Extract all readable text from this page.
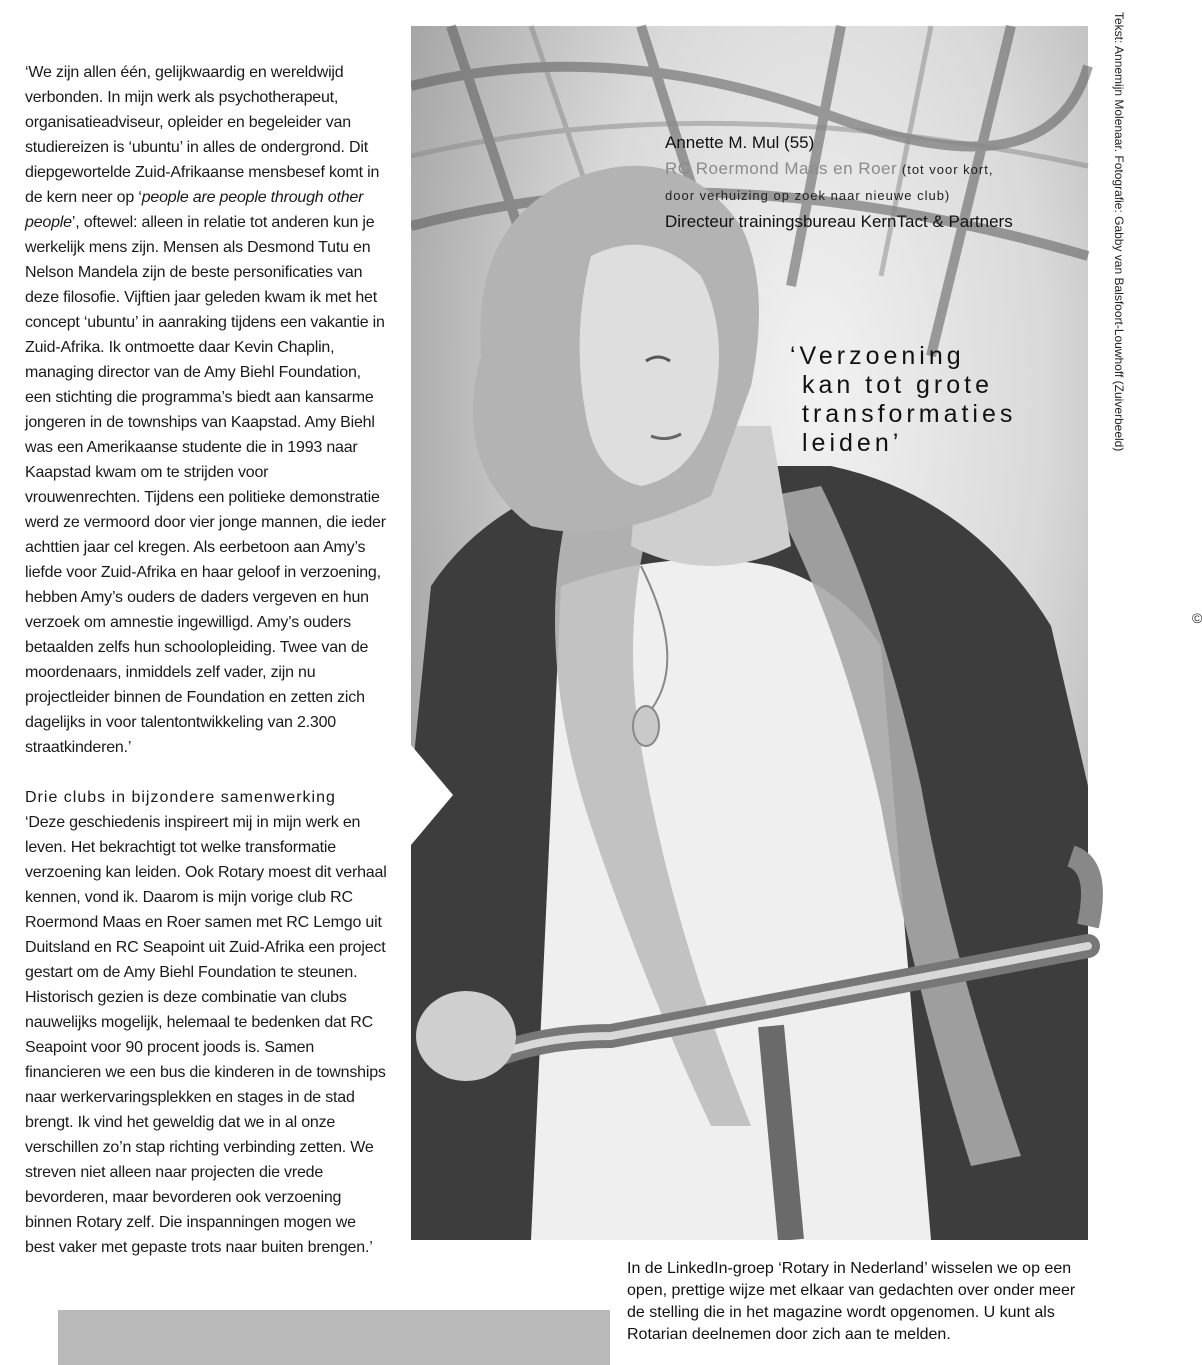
‘We zijn allen één, gelijkwaardig en wereldwijd verbonden. In mijn werk als psychotherapeut, organisatieadviseur, opleider en begeleider van studiereizen is ‘ubuntu’ in alles de ondergrond. Dit diepgewortelde Zuid-Afrikaanse mensbesef komt in de kern neer op ‘people are people through other people’, oftewel: alleen in relatie tot anderen kun je werkelijk mens zijn. Mensen als Desmond Tutu en Nelson Mandela zijn de beste personificaties van deze filosofie. Vijftien jaar geleden kwam ik met het concept ‘ubuntu’ in aanraking tijdens een vakantie in Zuid-Afrika. Ik ontmoette daar Kevin Chaplin, managing director van de Amy Biehl Foundation, een stichting die programma’s biedt aan kansarme jongeren in de townships van Kaapstad. Amy Biehl was een Amerikaanse studente die in 1993 naar Kaapstad kwam om te strijden voor vrouwenrechten. Tijdens een politieke demonstratie werd ze vermoord door vier jonge mannen, die ieder achttien jaar cel kregen. Als eerbetoon aan Amy’s liefde voor Zuid-Afrika en haar geloof in verzoening, hebben Amy’s ouders de daders vergeven en hun verzoek om amnestie ingewilligd. Amy’s ouders betaalden zelfs hun schoolopleiding. Twee van de moordenaars, inmiddels zelf vader, zijn nu projectleider binnen de Foundation en zetten zich dagelijks in voor talentontwikkeling van 2.300 straatkinderen.’

Drie clubs in bijzondere samenwerking

‘Deze geschiedenis inspireert mij in mijn werk en leven. Het bekrachtigt tot welke transformatie verzoening kan leiden. Ook Rotary moest dit verhaal kennen, vond ik. Daarom is mijn vorige club RC Roermond Maas en Roer samen met RC Lemgo uit Duitsland en RC Seapoint uit Zuid-Afrika een project gestart om de Amy Biehl Foundation te steunen. Historisch gezien is deze combinatie van clubs nauwelijks mogelijk, helemaal te bedenken dat RC Seapoint voor 90 procent joods is. Samen financieren we een bus die kinderen in de townships naar werkervaringsplekken en stages in de stad brengt. Ik vind het geweldig dat we in al onze verschillen zo’n stap richting verbinding zetten. We streven niet alleen naar projecten die vrede bevorderen, maar bevorderen ook verzoening binnen Rotary zelf. Die inspanningen mogen we best vaker met gepaste trots naar buiten brengen.’

Annette M. Mul (55)
RC Roermond Maas en Roer (tot voor kort,
door verhuizing op zoek naar nieuwe club)
Directeur trainingsbureau KernTact & Partners

‘Verzoening
kan tot grote
transformaties
leiden’	Tekst: Annemijn Molenaar. Fotografie: Gabby van Balsfoort-Louwhoff (Zuiverbeeld)
©
In de LinkedIn-groep ‘Rotary in Nederland’ wisselen we op een open, prettige wijze met elkaar van gedachten over onder meer de stelling die in het magazine wordt opgenomen. U kunt als Rotarian deelnemen door zich aan te melden.
